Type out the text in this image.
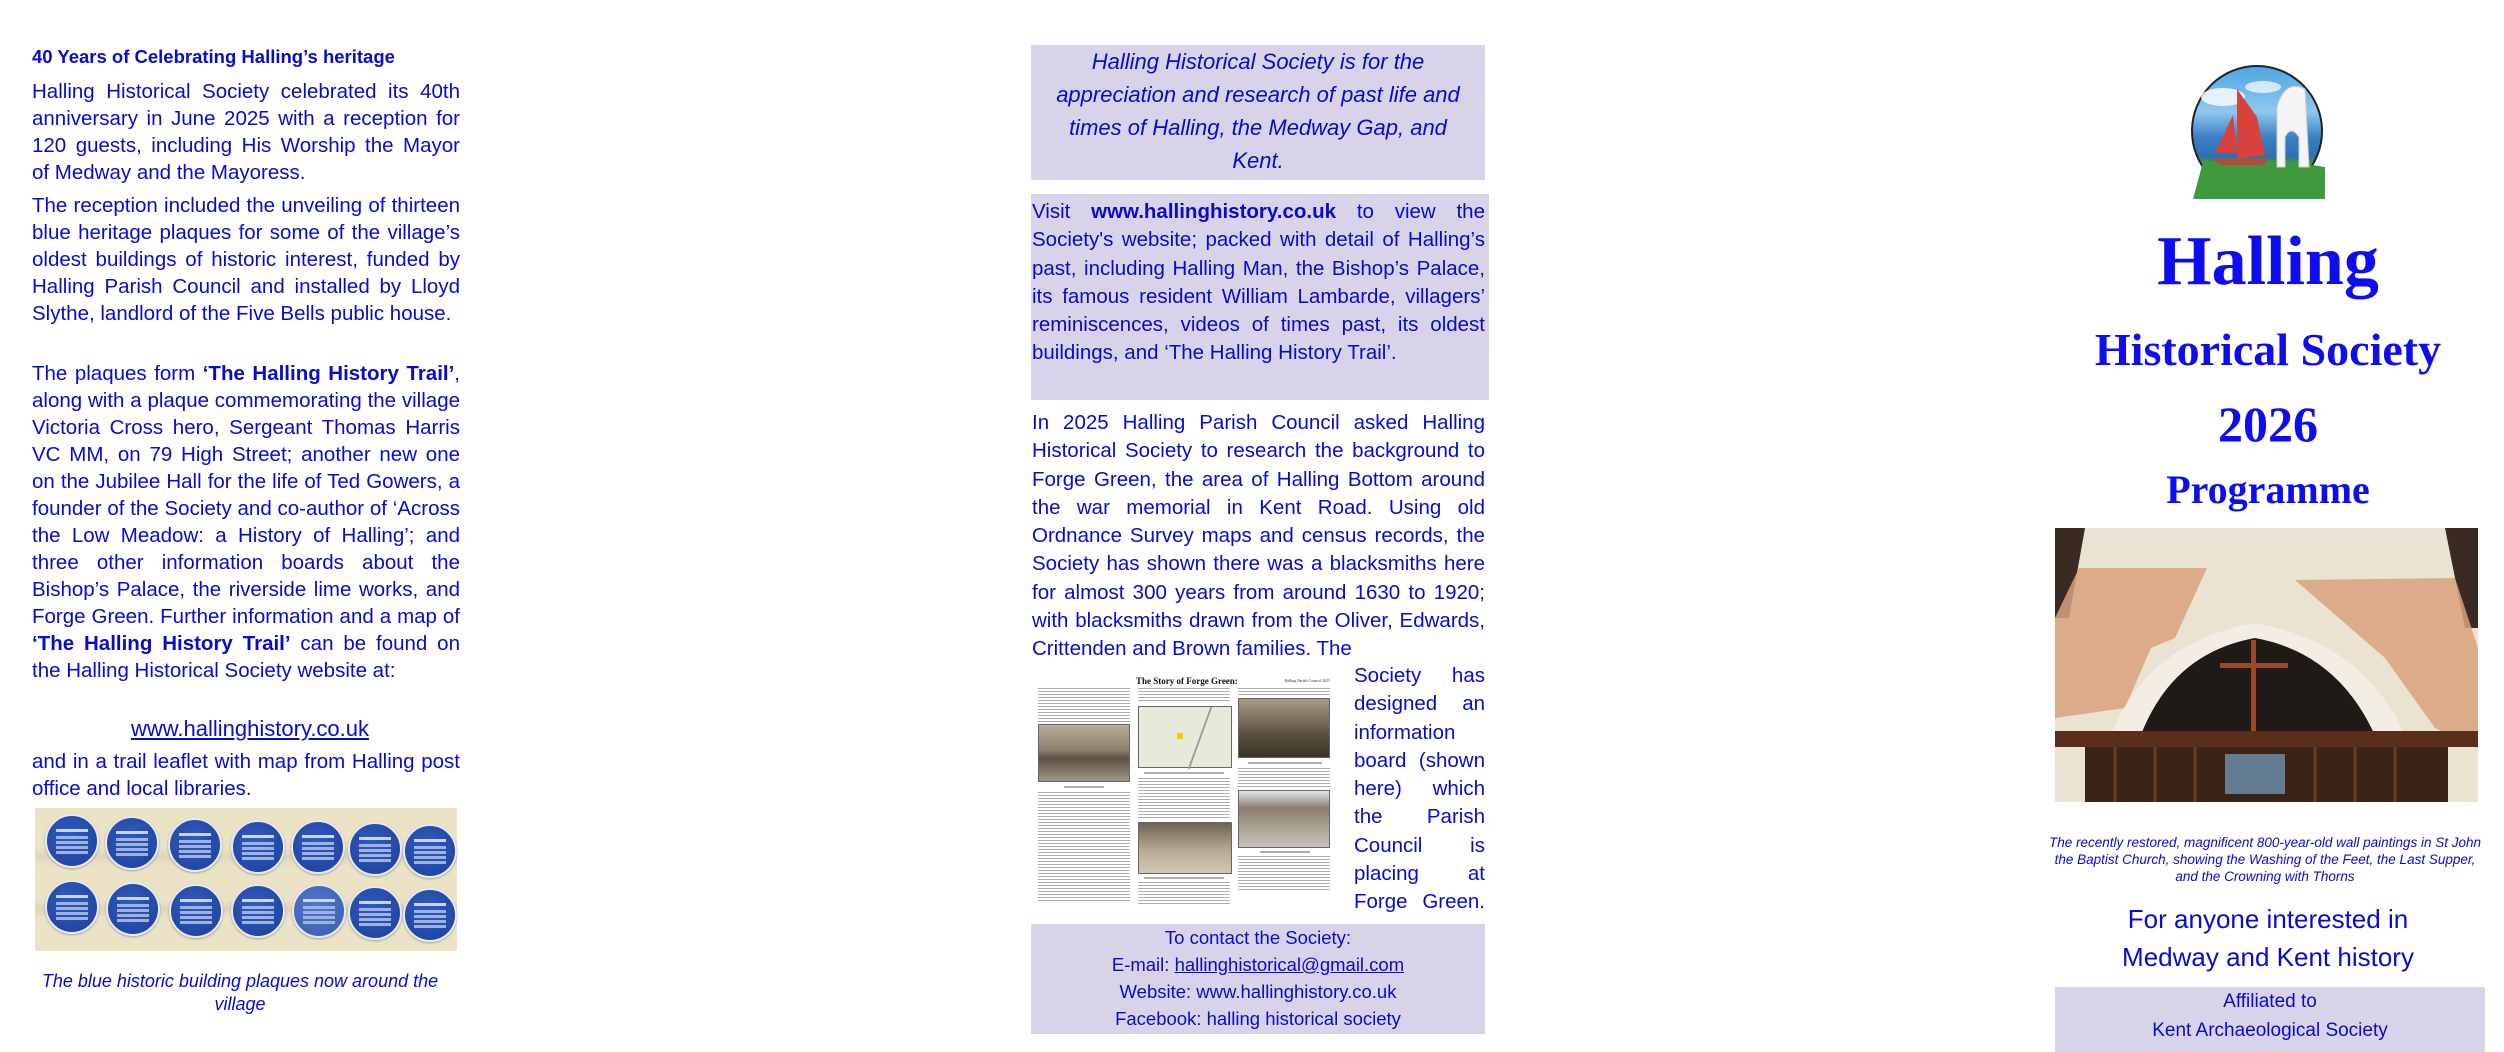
40 Years of Celebrating Halling’s heritage

Halling Historical Society celebrated its 40th anniversary in June 2025 with a reception for 120 guests, including His Worship the Mayor of Medway and the Mayoress.

The reception included the unveiling of thirteen blue heritage plaques for some of the village’s oldest buildings of historic interest, funded by Halling Parish Council and installed by Lloyd Slythe, landlord of the Five Bells public house.

The plaques form ‘The Halling History Trail’, along with a plaque commemorating the village Victoria Cross hero, Sergeant Thomas Harris VC MM, on 79 High Street; another new one on the Jubilee Hall for the life of Ted Gowers, a founder of the Society and co-author of ‘Across the Low Meadow: a History of Halling’; and three other information boards about the Bishop’s Palace, the riverside lime works, and Forge Green. Further information and a map of ‘The Halling History Trail’ can be found on the Halling Historical Society website at:

www.hallinghistory.co.uk

and in a trail leaflet with map from Halling post office and local libraries.

The blue historic building plaques now around the village

Halling Historical Society is for the appreciation and research of past life and times of Halling, the Medway Gap, and Kent.

Visit www.hallinghistory.co.uk to view the Society's website; packed with detail of Halling’s past, including Halling Man, the Bishop’s Palace, its famous resident William Lambarde, villagers’ reminiscences, videos of times past, its oldest buildings, and ‘The Halling History Trail’.

In 2025 Halling Parish Council asked Halling Historical Society to research the background to Forge Green, the area of Halling Bottom around the war memorial in Kent Road. Using old Ordnance Survey maps and census records, the Society has shown there was a blacksmiths here for almost 300 years from around 1630 to 1920; with blacksmiths drawn from the Oliver, Edwards, Crittenden and Brown families. The

The Story of Forge Green:	Halling Parish Council 2025 Society has designed an information board (shown here) which the Parish Council is placing at Forge Green.

To contact the Society:
E-mail: hallinghistorical@gmail.com
Website: www.hallinghistory.co.uk
Facebook: halling historical society
Halling
Historical Society
2026
Programme

The recently restored, magnificent 800-year-old wall paintings in St John the Baptist Church, showing the Washing of the Feet, the Last Supper, and the Crowning with Thorns

For anyone interested in Medway and Kent history

Affiliated to
Kent Archaeological Society
